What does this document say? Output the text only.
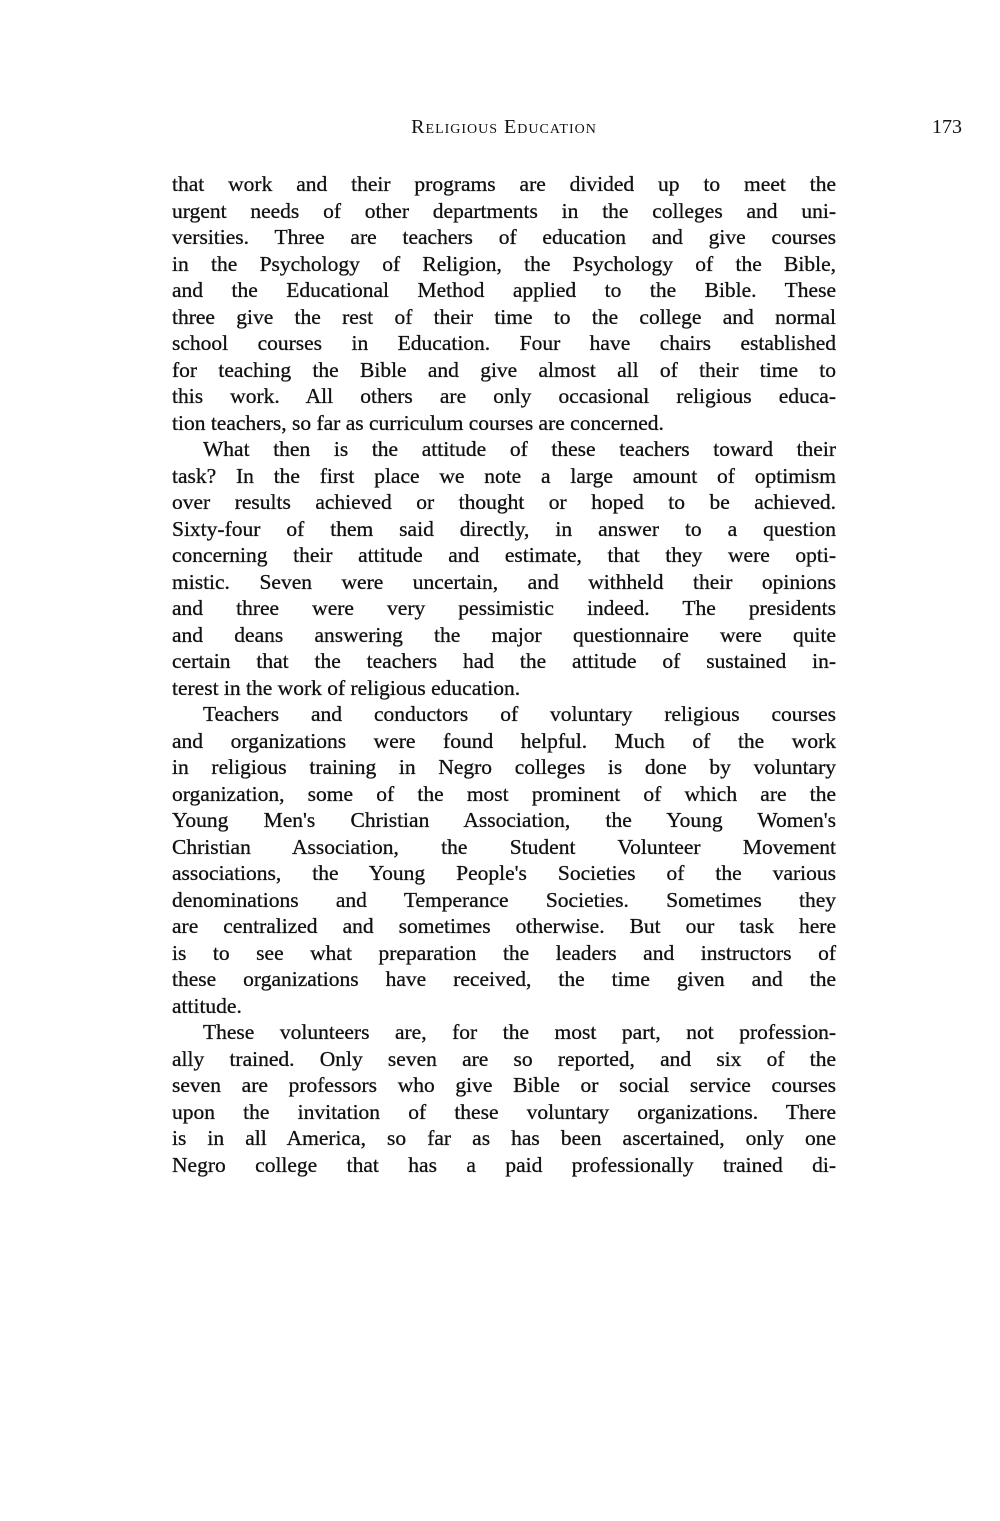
Religious Education	173
that work and their programs are divided up to meet the
urgent needs of other departments in the colleges and uni-
versities. Three are teachers of education and give courses
in the Psychology of Religion, the Psychology of the Bible,
and the Educational Method applied to the Bible. These
three give the rest of their time to the college and normal
school courses in Education. Four have chairs established
for teaching the Bible and give almost all of their time to
this work. All others are only occasional religious educa-
tion teachers, so far as curriculum courses are concerned.
What then is the attitude of these teachers toward their
task? In the first place we note a large amount of optimism
over results achieved or thought or hoped to be achieved.
Sixty-four of them said directly, in answer to a question
concerning their attitude and estimate, that they were opti-
mistic. Seven were uncertain, and withheld their opinions
and three were very pessimistic indeed. The presidents
and deans answering the major questionnaire were quite
certain that the teachers had the attitude of sustained in-
terest in the work of religious education.
Teachers and conductors of voluntary religious courses
and organizations were found helpful. Much of the work
in religious training in Negro colleges is done by voluntary
organization, some of the most prominent of which are the
Young Men's Christian Association, the Young Women's
Christian Association, the Student Volunteer Movement
associations, the Young People's Societies of the various
denominations and Temperance Societies. Sometimes they
are centralized and sometimes otherwise. But our task here
is to see what preparation the leaders and instructors of
these organizations have received, the time given and the
attitude.
These volunteers are, for the most part, not profession-
ally trained. Only seven are so reported, and six of the
seven are professors who give Bible or social service courses
upon the invitation of these voluntary organizations. There
is in all America, so far as has been ascertained, only one
Negro college that has a paid professionally trained di-
